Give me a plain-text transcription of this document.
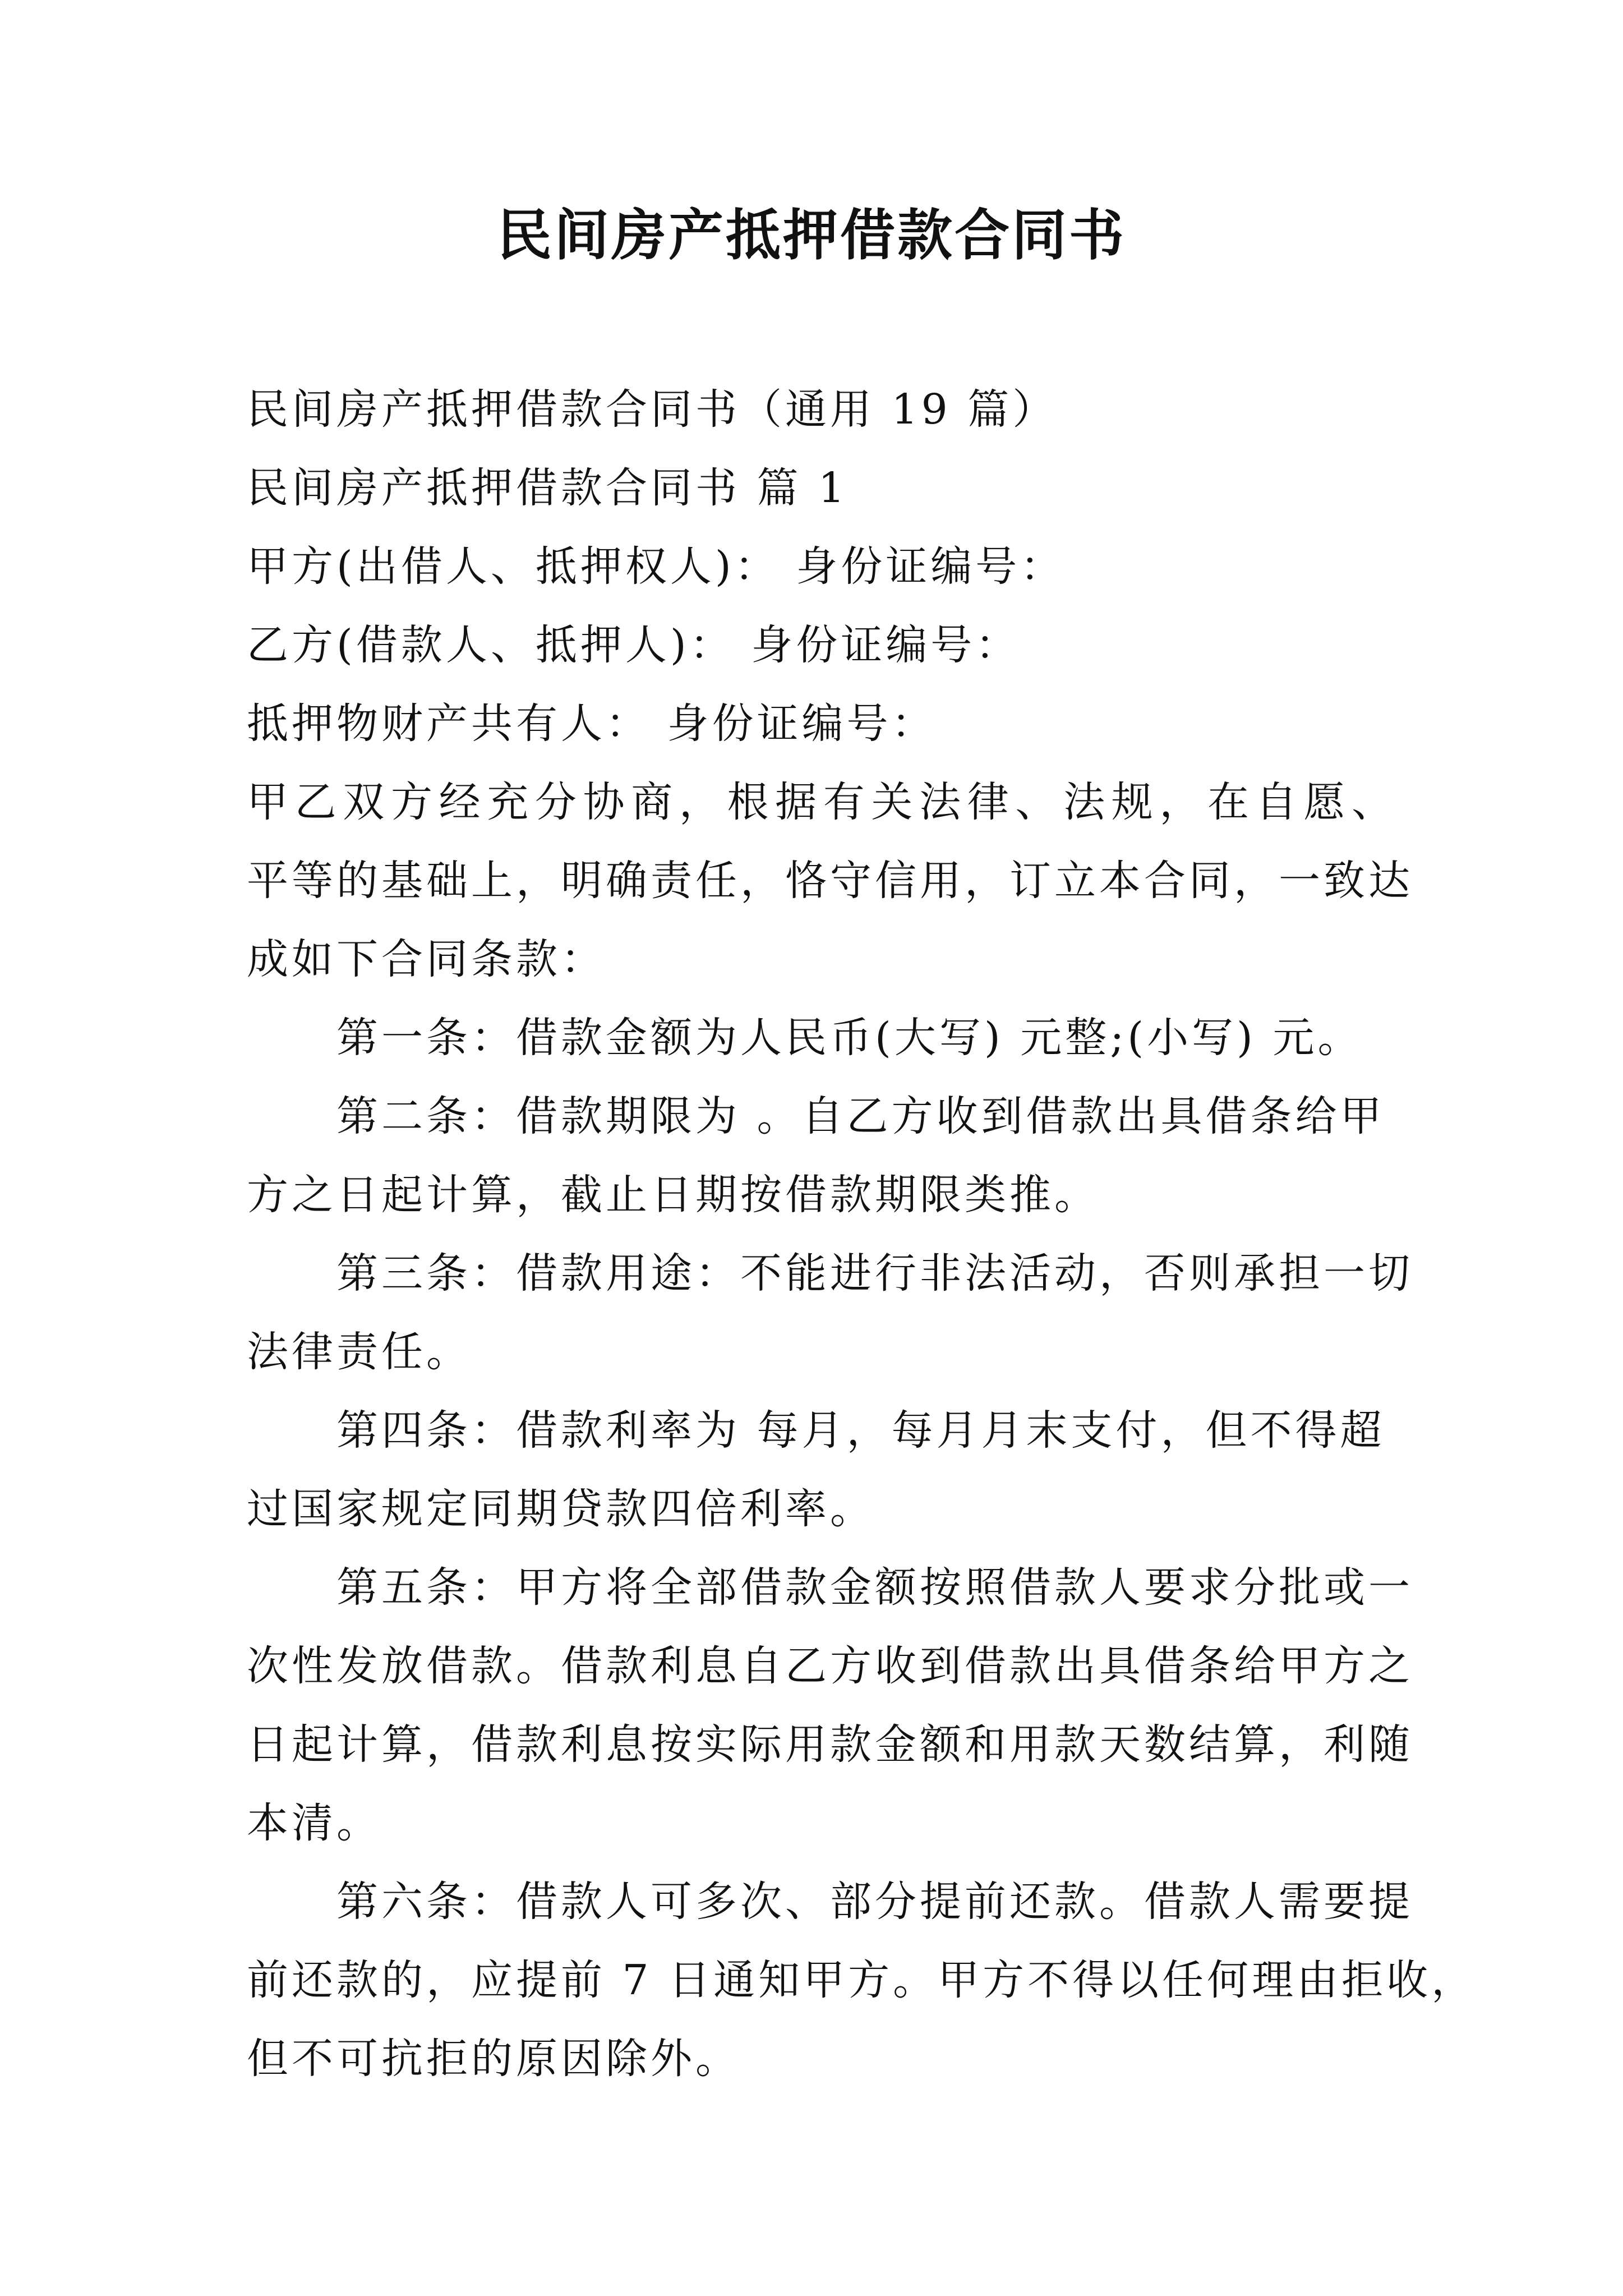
民间房产抵押借款合同书
民间房产抵押借款合同书（通用 19 篇）
民间房产抵押借款合同书 篇 1
甲方(出借人、抵押权人)： 身份证编号：
乙方(借款人、抵押人)： 身份证编号：
抵押物财产共有人： 身份证编号：
甲乙双方经充分协商，根据有关法律、法规，在自愿、
平等的基础上，明确责任，恪守信用，订立本合同，一致达
成如下合同条款：
第一条：借款金额为人民币(大写) 元整;(小写) 元。
第二条：借款期限为 。自乙方收到借款出具借条给甲
方之日起计算，截止日期按借款期限类推。
第三条：借款用途：不能进行非法活动，否则承担一切
法律责任。
第四条：借款利率为 每月，每月月末支付，但不得超
过国家规定同期贷款四倍利率。
第五条：甲方将全部借款金额按照借款人要求分批或一
次性发放借款。借款利息自乙方收到借款出具借条给甲方之
日起计算，借款利息按实际用款金额和用款天数结算，利随
本清。
第六条：借款人可多次、部分提前还款。借款人需要提
前还款的，应提前 7 日通知甲方。甲方不得以任何理由拒收，
但不可抗拒的原因除外。
